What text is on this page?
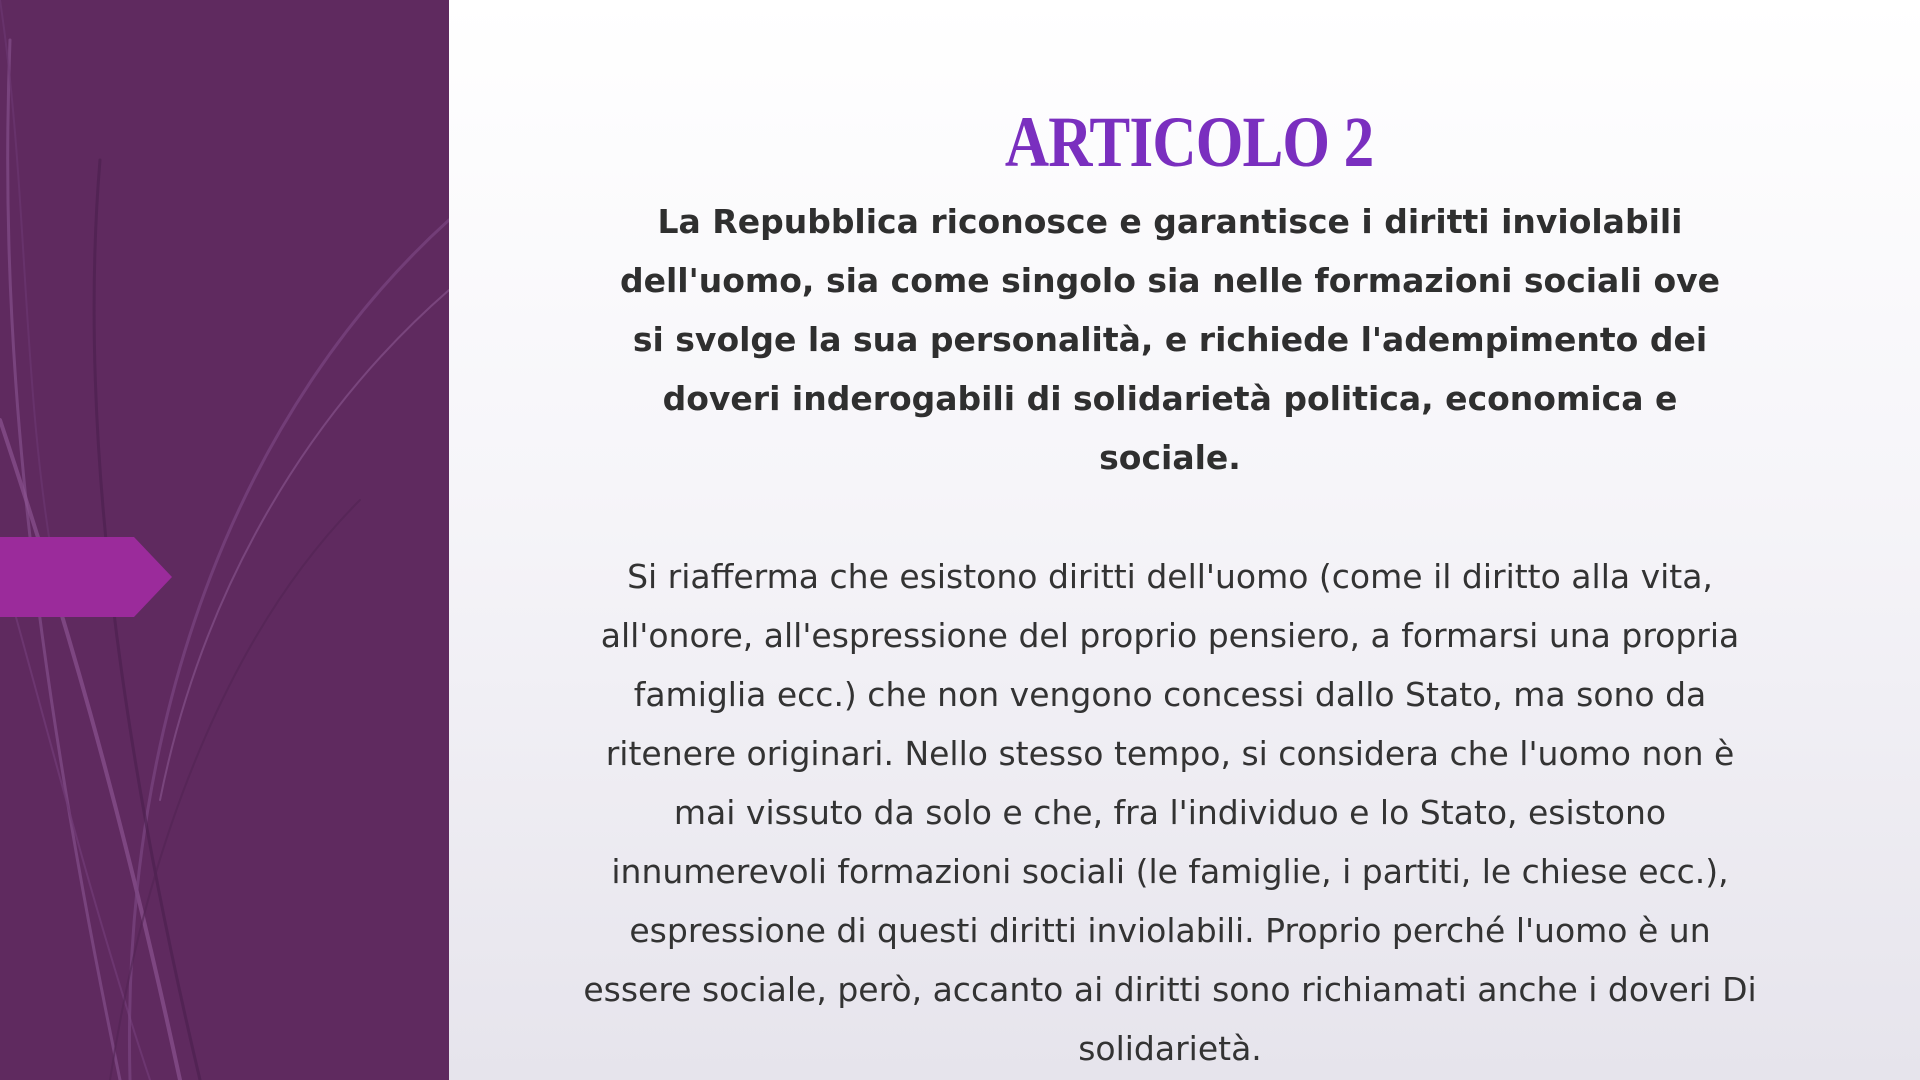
ARTICOLO 2
La Repubblica riconosce e garantisce i diritti inviolabili dell'uomo, sia come singolo sia nelle formazioni sociali ove si svolge la sua personalità, e richiede l'adempimento dei doveri inderogabili di solidarietà politica, economica e sociale.
Si riafferma che esistono diritti dell'uomo (come il diritto alla vita, all'onore, all'espressione del proprio pensiero, a formarsi una propria famiglia ecc.) che non vengono concessi dallo Stato, ma sono da ritenere originari. Nello stesso tempo, si considera che l'uomo non è mai vissuto da solo e che, fra l'individuo e lo Stato, esistono innumerevoli formazioni sociali (le famiglie, i partiti, le chiese ecc.), espressione di questi diritti inviolabili. Proprio perché l'uomo è un essere sociale, però, accanto ai diritti sono richiamati anche i doveri Di solidarietà.
